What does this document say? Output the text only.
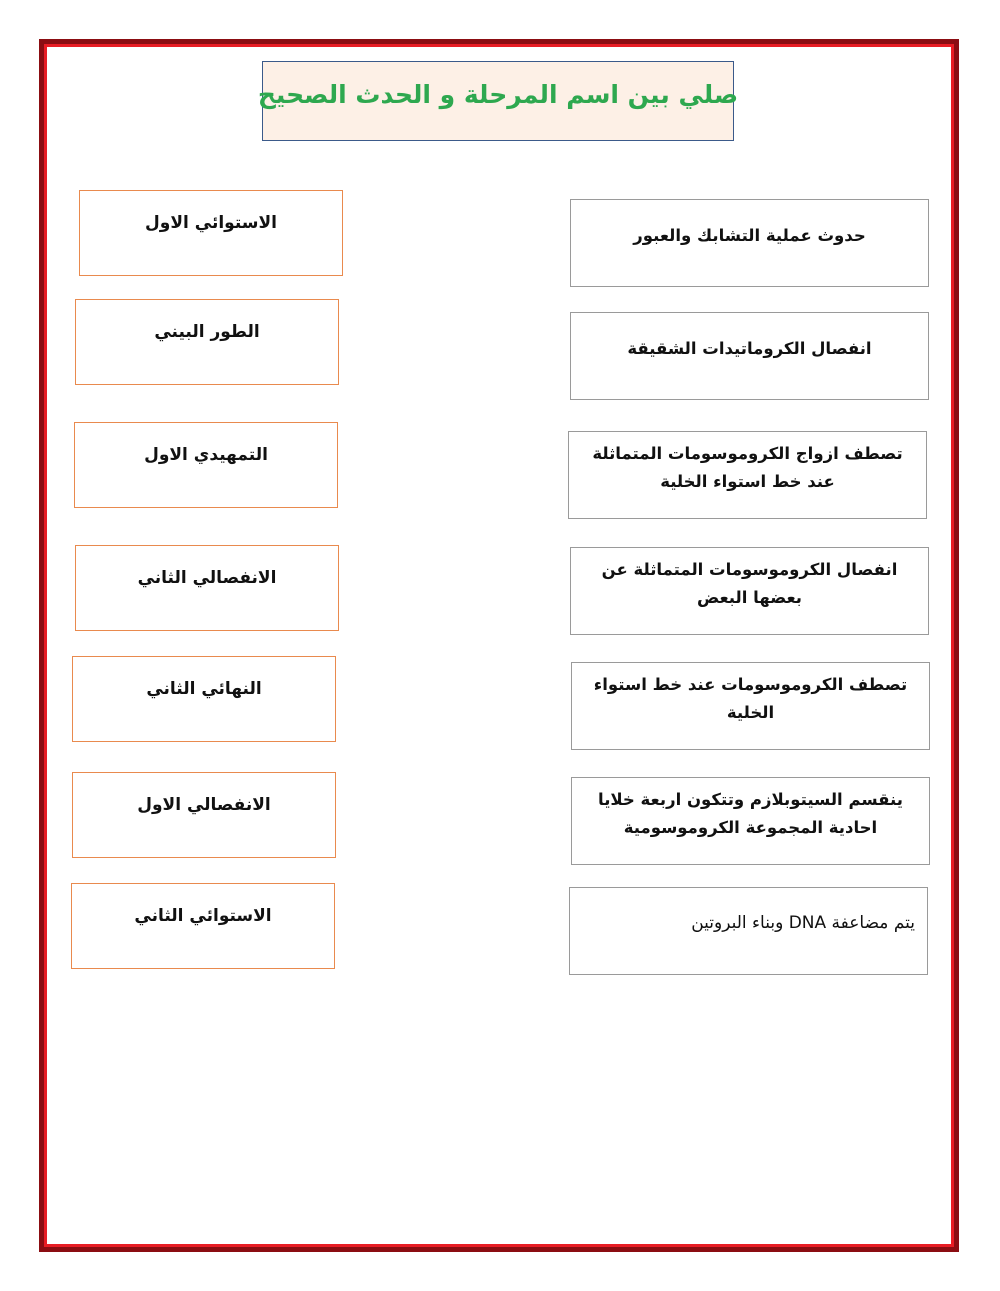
صلي بين اسم المرحلة و الحدث الصحيح
الاستوائي الاول
الطور البيني
التمهيدي الاول
الانفصالي الثاني
النهائي الثاني
الانفصالي الاول
الاستوائي الثاني
حدوث عملية التشابك والعبور
انفصال الكروماتيدات الشقيقة
تصطف ازواج الكروموسومات المتماثلة عند خط استواء الخلية
انفصال الكروموسومات المتماثلة عن بعضها البعض
تصطف الكروموسومات عند خط استواء الخلية
ينقسم السيتوبلازم وتتكون اربعة خلايا احادية المجموعة الكروموسومية
يتم مضاعفة DNA وبناء البروتين
